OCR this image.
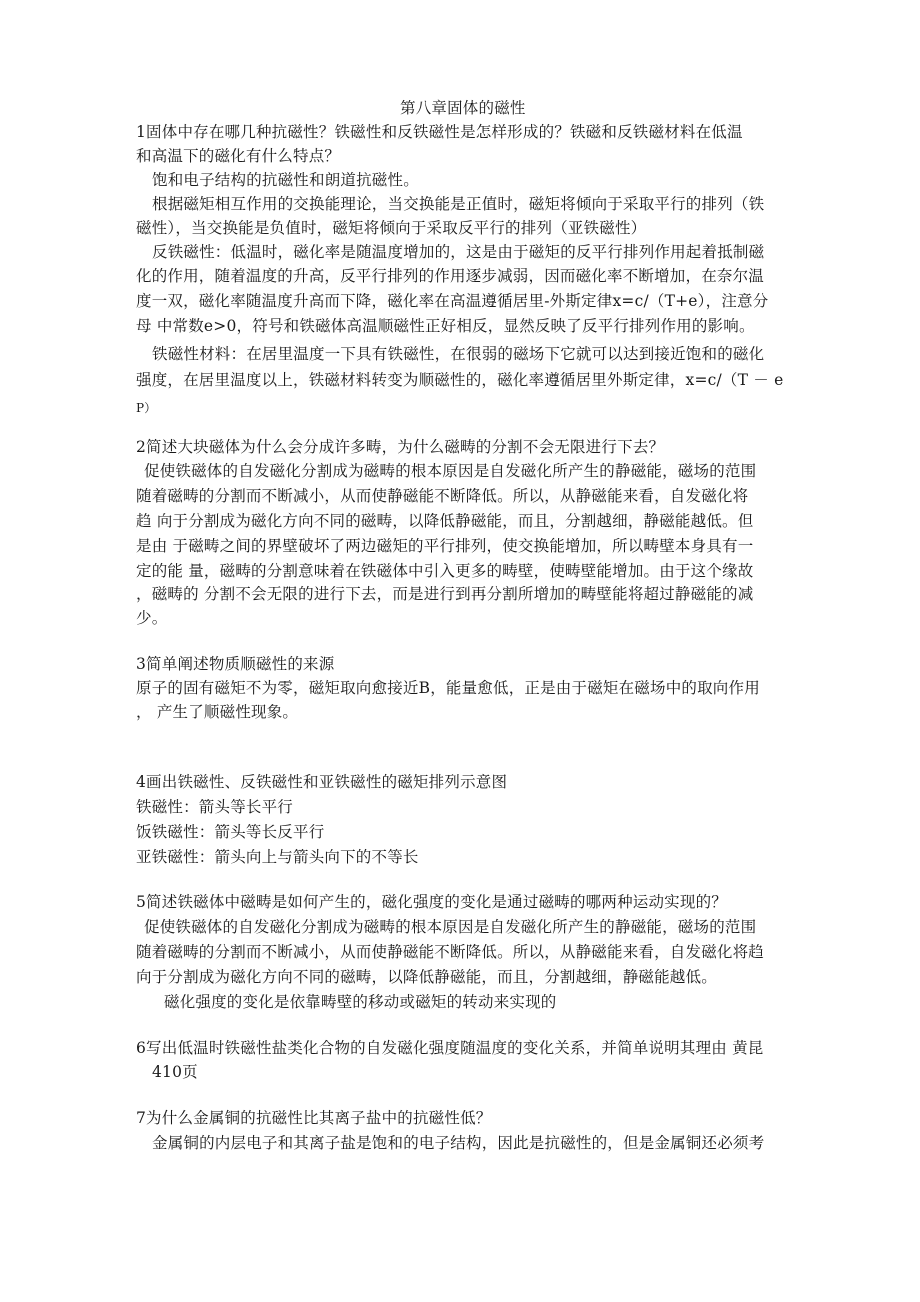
第八章固体的磁性
1固体中存在哪几种抗磁性？铁磁性和反铁磁性是怎样形成的？铁磁和反铁磁材料在低温
和高温下的磁化有什么特点？
饱和电子结构的抗磁性和朗道抗磁性。
根据磁矩相互作用的交换能理论，当交换能是正值时，磁矩将倾向于采取平行的排列（铁
磁性），当交换能是负值时，磁矩将倾向于采取反平行的排列（亚铁磁性）
反铁磁性：低温时，磁化率是随温度增加的，这是由于磁矩的反平行排列作用起着抵制磁
化的作用，随着温度的升高，反平行排列的作用逐步减弱，因而磁化率不断增加，在奈尔温
度一双，磁化率随温度升高而下降，磁化率在高温遵循居里-外斯定律x=c/（T+e），注意分
母 中常数e>0，符号和铁磁体高温顺磁性正好相反，显然反映了反平行排列作用的影响。
铁磁性材料：在居里温度一下具有铁磁性，在很弱的磁场下它就可以达到接近饱和的磁化
强度，在居里温度以上，铁磁材料转变为顺磁性的，磁化率遵循居里外斯定律，x=c/（T － e
P）
2简述大块磁体为什么会分成许多畴，为什么磁畴的分割不会无限进行下去？
促使铁磁体的自发磁化分割成为磁畴的根本原因是自发磁化所产生的静磁能，磁场的范围
随着磁畴的分割而不断减小，从而使静磁能不断降低。所以，从静磁能来看，自发磁化将
趋 向于分割成为磁化方向不同的磁畴，以降低静磁能，而且，分割越细，静磁能越低。但
是由 于磁畴之间的界壁破坏了两边磁矩的平行排列，使交换能增加，所以畴壁本身具有一
定的能 量，磁畴的分割意味着在铁磁体中引入更多的畴壁，使畴壁能增加。由于这个缘故
，磁畴的 分割不会无限的进行下去，而是进行到再分割所增加的畴壁能将超过静磁能的减
少。
3简单阐述物质顺磁性的来源
原子的固有磁矩不为零，磁矩取向愈接近B，能量愈低，正是由于磁矩在磁场中的取向作用
， 产生了顺磁性现象。
4画出铁磁性、反铁磁性和亚铁磁性的磁矩排列示意图
铁磁性：箭头等长平行
饭铁磁性：箭头等长反平行
亚铁磁性：箭头向上与箭头向下的不等长
5简述铁磁体中磁畴是如何产生的，磁化强度的变化是通过磁畴的哪两种运动实现的？
促使铁磁体的自发磁化分割成为磁畴的根本原因是自发磁化所产生的静磁能，磁场的范围
随着磁畴的分割而不断减小，从而使静磁能不断降低。所以，从静磁能来看，自发磁化将趋
向于分割成为磁化方向不同的磁畴，以降低静磁能，而且，分割越细，静磁能越低。
磁化强度的变化是依靠畴壁的移动或磁矩的转动来实现的
6写出低温时铁磁性盐类化合物的自发磁化强度随温度的变化关系，并简单说明其理由 黄昆
410页
7为什么金属铜的抗磁性比其离子盐中的抗磁性低？
金属铜的内层电子和其离子盐是饱和的电子结构，因此是抗磁性的，但是金属铜还必须考
